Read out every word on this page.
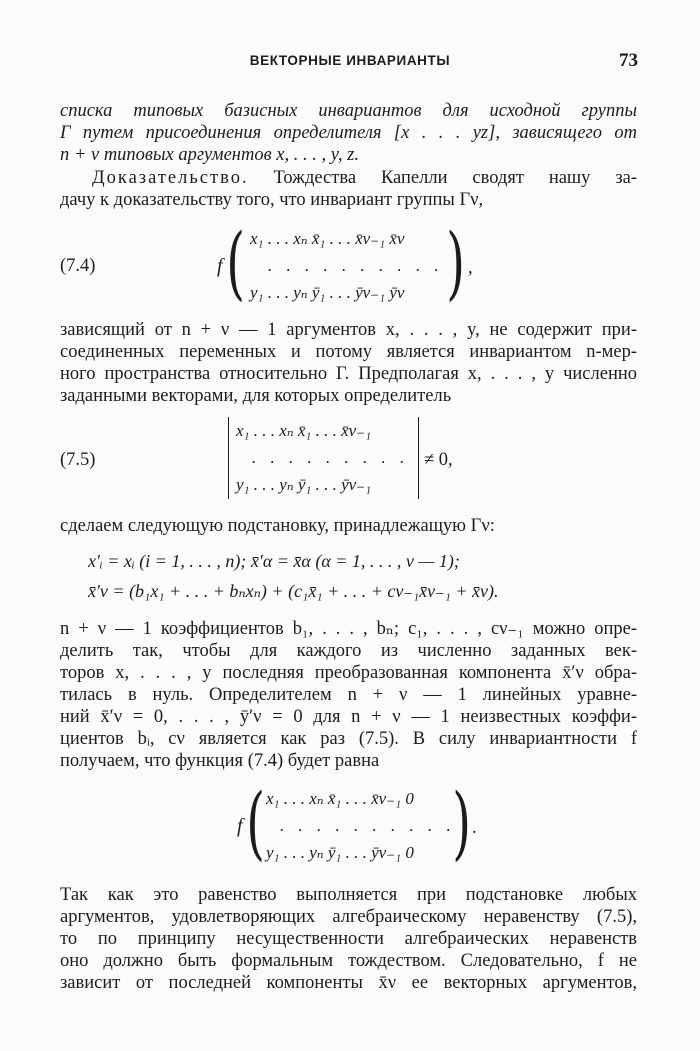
ВЕКТОРНЫЕ ИНВАРИАНТЫ	73
списка типовых базисных инвариантов для исходной группы
Г путем присоединения определителя [x . . . yz], зависящего от
n + ν типовых аргументов x, . . . , y, z.
Доказательство. Тождества Капелли сводят нашу за-
дачу к доказательству того, что инвариант группы Гν,
(7.4)	f ( x₁ . . . xₙ x̄₁ . . . x̄ν₋₁ x̄ν
. . . . . . . . . .
y₁ . . . yₙ ȳ₁ . . . ȳν₋₁ ȳν ) ,
зависящий от n + ν — 1 аргументов x, . . . , y, не содержит при-
соединенных переменных и потому является инвариантом n-мер-
ного пространства относительно Г. Предполагая x, . . . , y численно
заданными векторами, для которых определитель
(7.5)
x₁ . . . xₙ x̄₁ . . . x̄ν₋₁
. . . . . . . . .
y₁ . . . yₙ ȳ₁ . . . ȳν₋₁
≠ 0,
сделаем следующую подстановку, принадлежащую Гν:
x′ᵢ = xᵢ (i = 1, . . . , n); x̄′α = x̄α (α = 1, . . . , ν — 1);
x̄′ν = (b₁x₁ + . . . + bₙxₙ) + (c₁x̄₁ + . . . + cν₋₁x̄ν₋₁ + x̄ν).
n + ν — 1 коэффициентов b₁, . . . , bₙ; c₁, . . . , cν₋₁ можно опре-
делить так, чтобы для каждого из численно заданных век-
торов x, . . . , y последняя преобразованная компонента x̄′ν обра-
тилась в нуль. Определителем n + ν — 1 линейных уравне-
ний x̄′ν = 0, . . . , ȳ′ν = 0 для n + ν — 1 неизвестных коэффи-
циентов bᵢ, cν является как раз (7.5). В силу инвариантности f
получаем, что функция (7.4) будет равна
f ( x₁ . . . xₙ x̄₁ . . . x̄ν₋₁ 0
. . . . . . . . . .
y₁ . . . yₙ ȳ₁ . . . ȳν₋₁ 0 ) .
Так как это равенство выполняется при подстановке любых
аргументов, удовлетворяющих алгебраическому неравенству (7.5),
то по принципу несущественности алгебраических неравенств
оно должно быть формальным тождеством. Следовательно, f не
зависит от последней компоненты x̄ν ее векторных аргументов,
